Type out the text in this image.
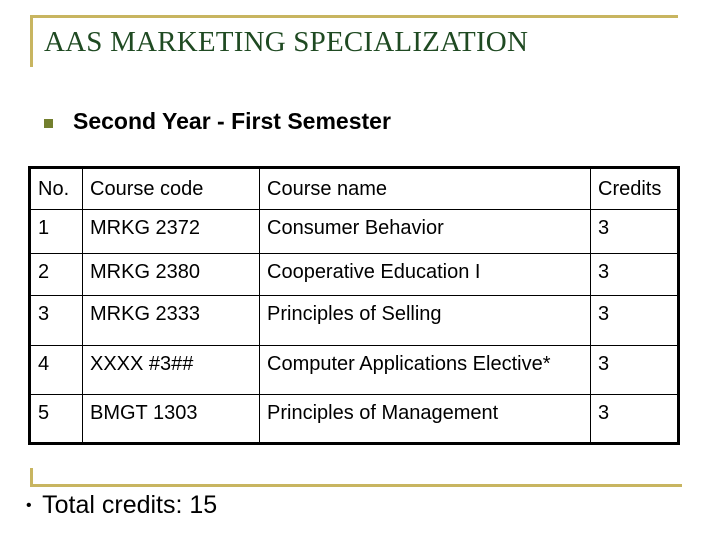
AAS MARKETING SPECIALIZATION
Second Year - First Semester
No.	Course code	Course name	Credits
1	MRKG 2372	Consumer Behavior	3
2	MRKG 2380	Cooperative Education I	3
3	MRKG 2333	Principles of Selling	3
4	XXXX #3##	Computer Applications Elective*	3
5	BMGT 1303	Principles of Management	3
• Total credits: 15
